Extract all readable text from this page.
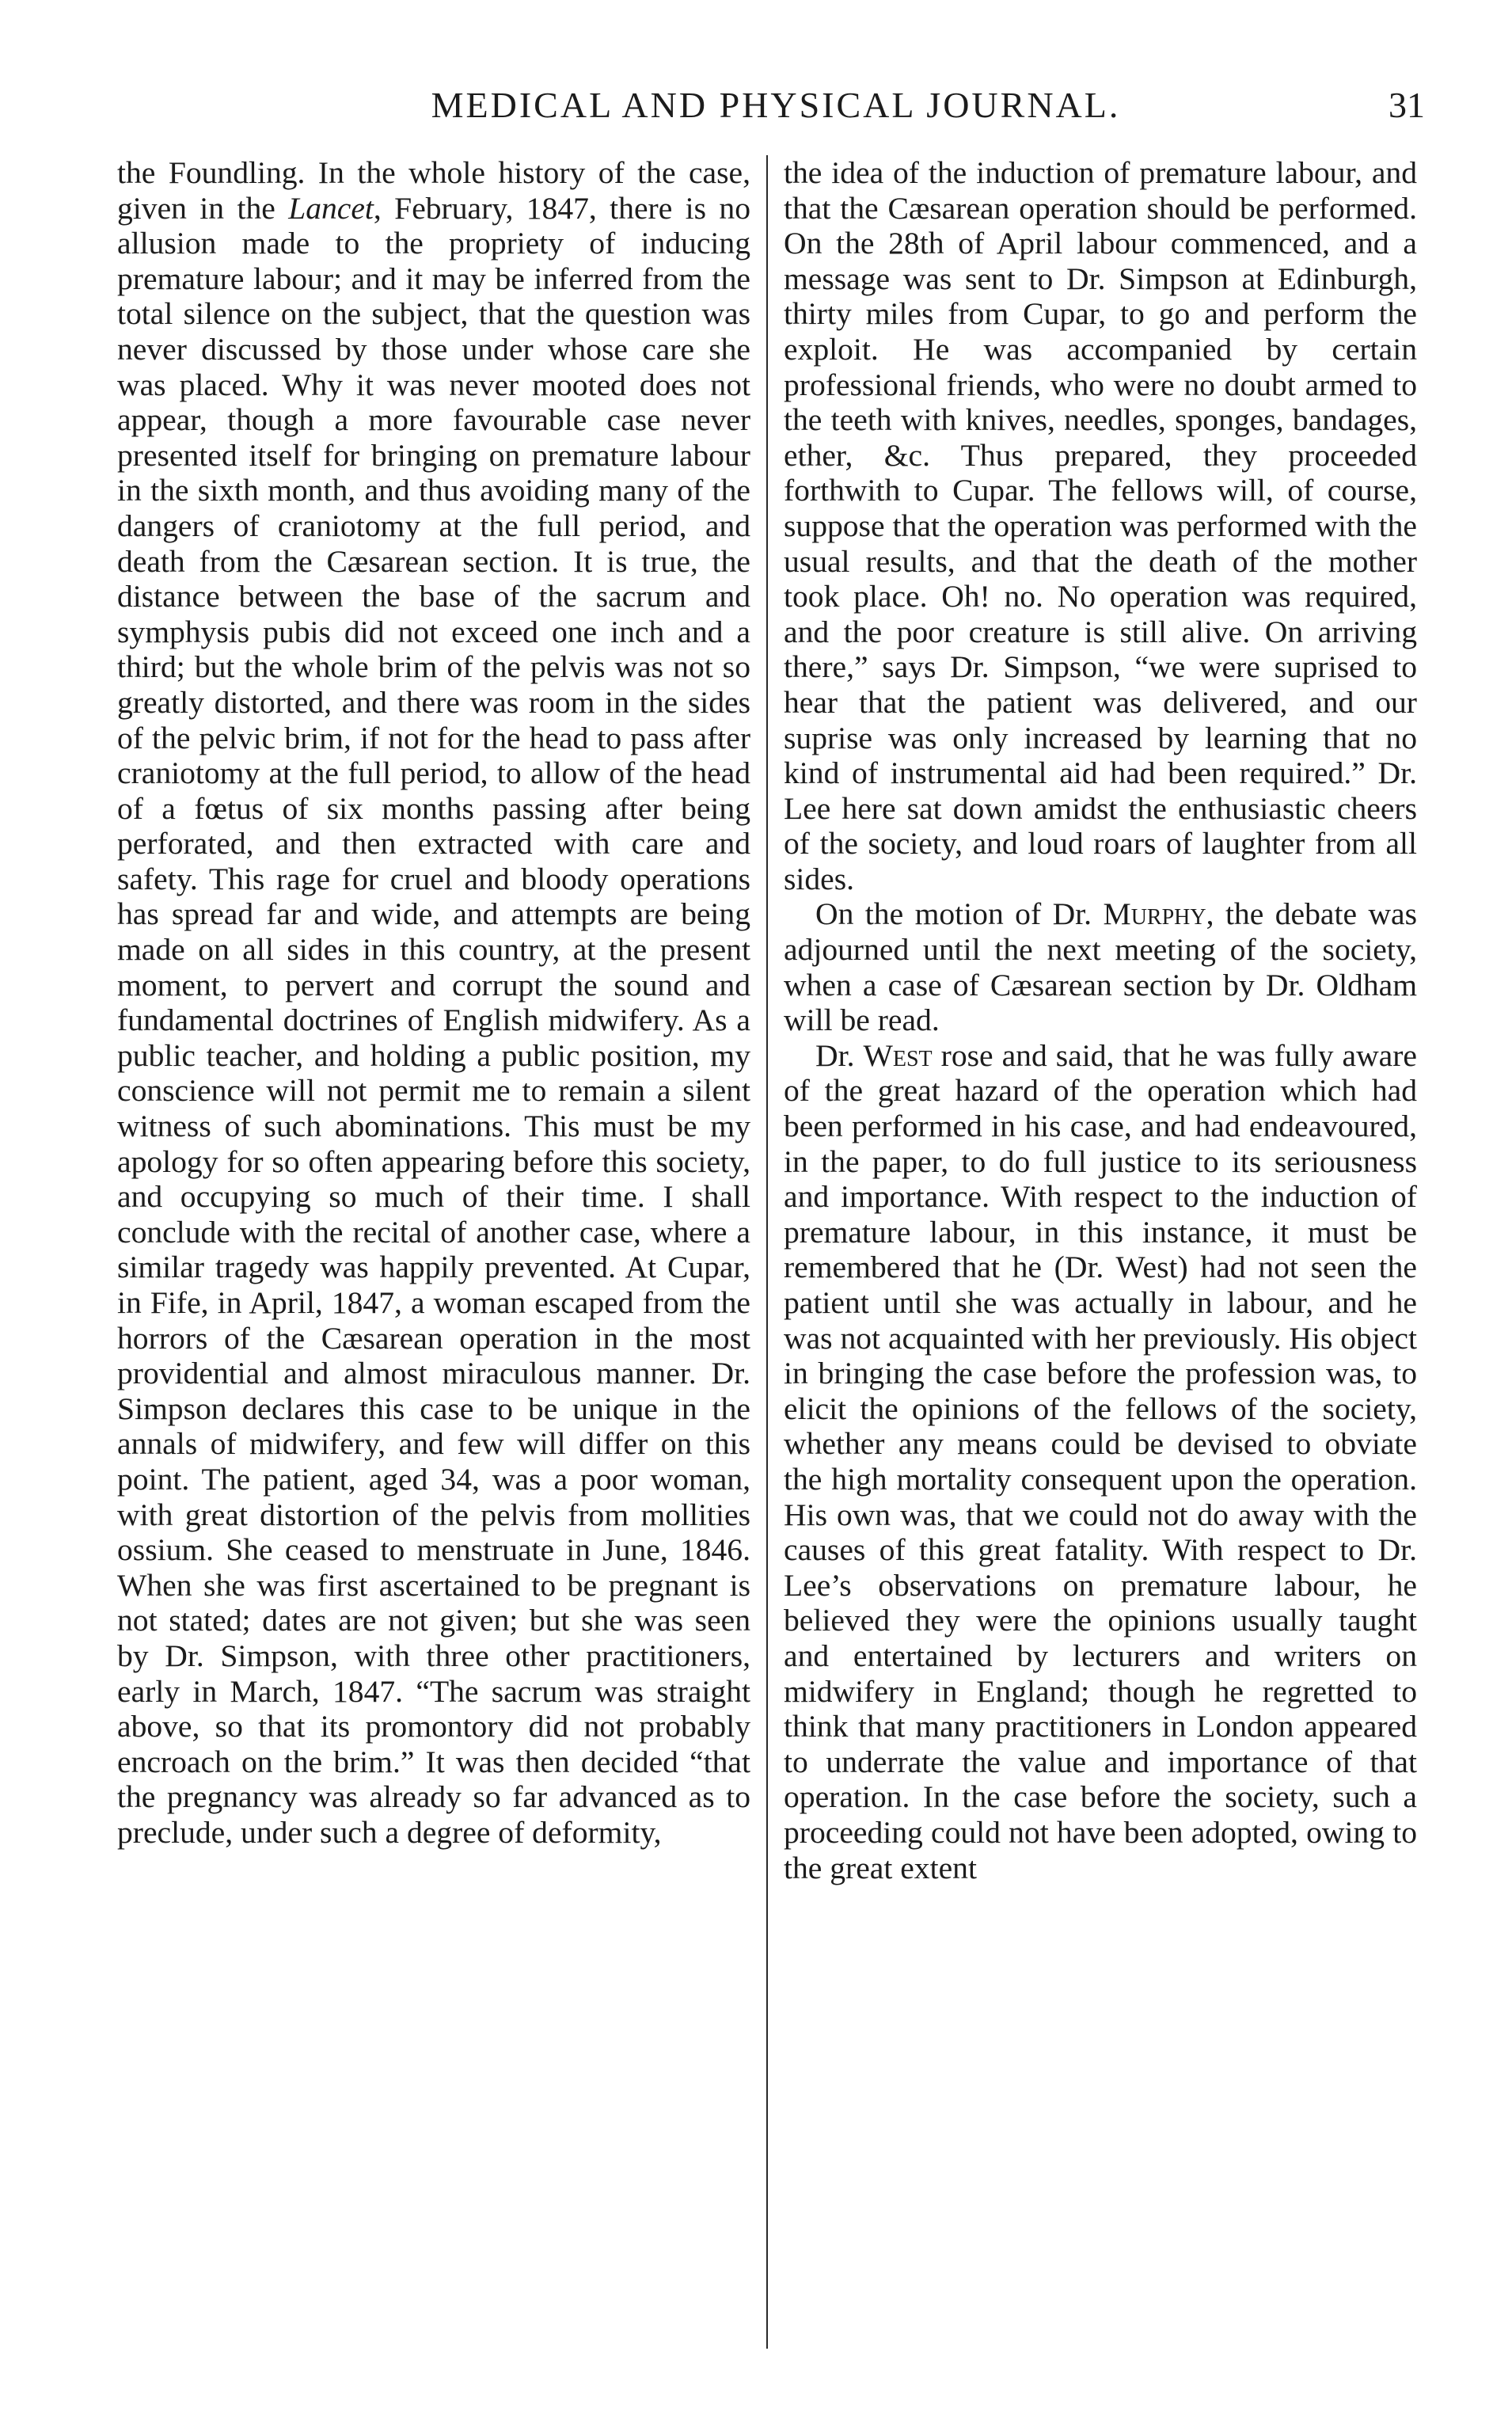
MEDICAL AND PHYSICAL JOURNAL.	31

the Foundling. In the whole history of the case, given in the Lancet, February, 1847, there is no allusion made to the propriety of inducing premature labour; and it may be inferred from the total silence on the subject, that the question was never discussed by those under whose care she was placed. Why it was never mooted does not appear, though a more favourable case never presented itself for bringing on premature labour in the sixth month, and thus avoiding many of the dangers of craniotomy at the full period, and death from the Cæsarean section. It is true, the distance between the base of the sacrum and symphysis pubis did not exceed one inch and a third; but the whole brim of the pelvis was not so greatly distorted, and there was room in the sides of the pelvic brim, if not for the head to pass after craniotomy at the full period, to allow of the head of a fœtus of six months passing after being perforated, and then extracted with care and safety. This rage for cruel and bloody operations has spread far and wide, and attempts are being made on all sides in this country, at the present moment, to pervert and corrupt the sound and fundamental doctrines of English midwifery. As a public teacher, and holding a public position, my conscience will not permit me to remain a silent witness of such abominations. This must be my apology for so often appearing before this society, and occupying so much of their time. I shall conclude with the recital of another case, where a similar tragedy was happily prevented. At Cupar, in Fife, in April, 1847, a woman escaped from the horrors of the Cæsarean operation in the most providential and almost miraculous manner. Dr. Simpson declares this case to be unique in the annals of midwifery, and few will differ on this point. The patient, aged 34, was a poor woman, with great distortion of the pelvis from mollities ossium. She ceased to menstruate in June, 1846. When she was first ascertained to be pregnant is not stated; dates are not given; but she was seen by Dr. Simpson, with three other practitioners, early in March, 1847. “The sacrum was straight above, so that its promontory did not probably encroach on the brim.” It was then decided “that the pregnancy was already so far advanced as to preclude, under such a degree of deformity,

the idea of the induction of premature labour, and that the Cæsarean operation should be performed. On the 28th of April labour commenced, and a message was sent to Dr. Simpson at Edinburgh, thirty miles from Cupar, to go and perform the exploit. He was accompanied by certain professional friends, who were no doubt armed to the teeth with knives, needles, sponges, bandages, ether, &c. Thus prepared, they proceeded forthwith to Cupar. The fellows will, of course, suppose that the operation was performed with the usual results, and that the death of the mother took place. Oh! no. No operation was required, and the poor creature is still alive. On arriving there,” says Dr. Simpson, “we were suprised to hear that the patient was delivered, and our suprise was only increased by learning that no kind of instrumental aid had been required.” Dr. Lee here sat down amidst the enthusiastic cheers of the society, and loud roars of laughter from all sides.

On the motion of Dr. Murphy, the debate was adjourned until the next meeting of the society, when a case of Cæsarean section by Dr. Oldham will be read.

Dr. West rose and said, that he was fully aware of the great hazard of the operation which had been performed in his case, and had endeavoured, in the paper, to do full justice to its seriousness and importance. With respect to the induction of premature labour, in this instance, it must be remembered that he (Dr. West) had not seen the patient until she was actually in labour, and he was not acquainted with her previously. His object in bringing the case before the profession was, to elicit the opinions of the fellows of the society, whether any means could be devised to obviate the high mortality consequent upon the operation. His own was, that we could not do away with the causes of this great fatality. With respect to Dr. Lee’s observations on premature labour, he believed they were the opinions usually taught and entertained by lecturers and writers on midwifery in England; though he regretted to think that many practitioners in London appeared to underrate the value and importance of that operation. In the case before the society, such a proceeding could not have been adopted, owing to the great extent
